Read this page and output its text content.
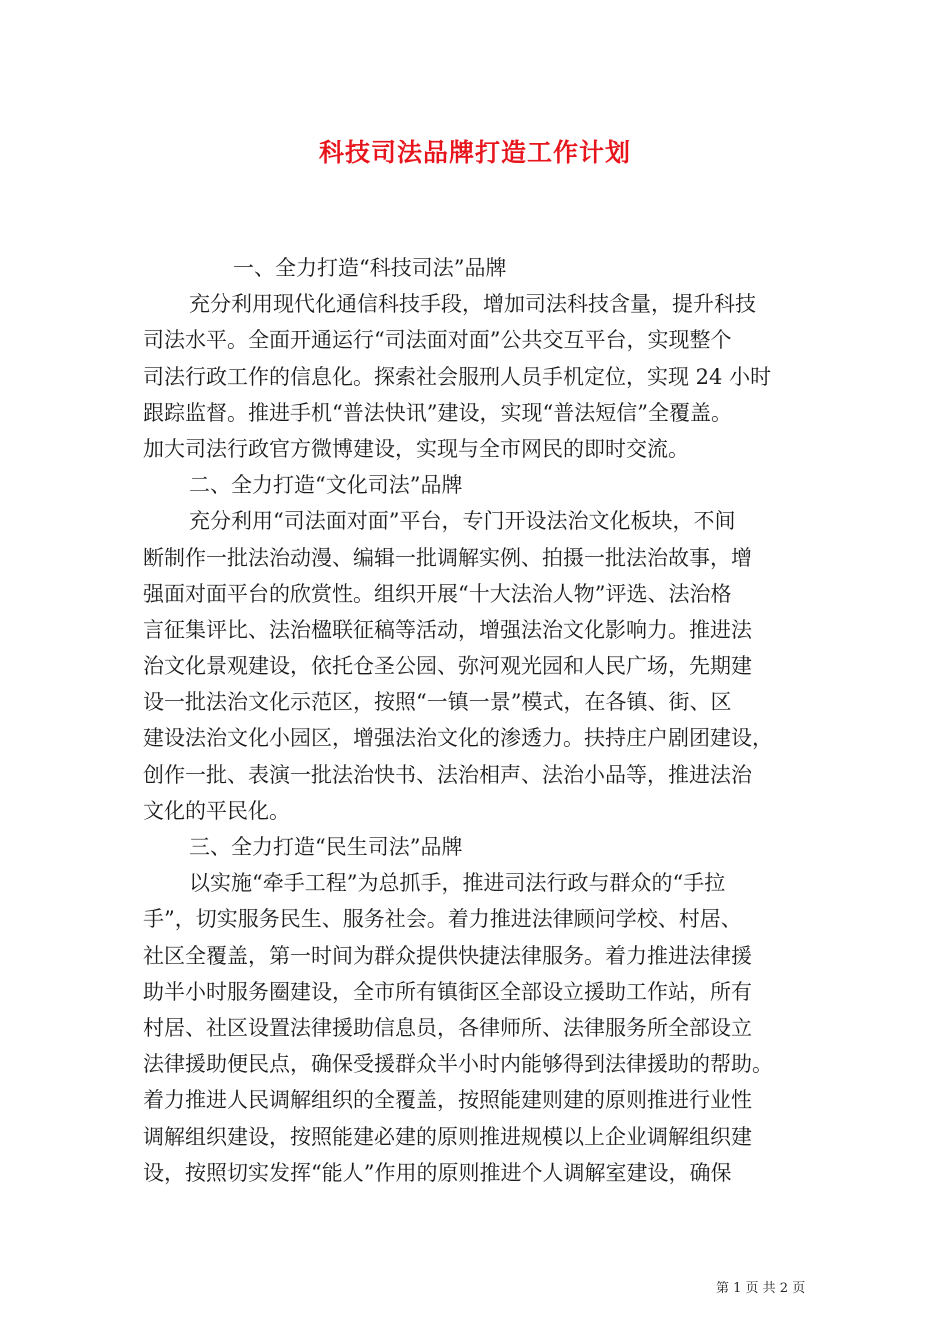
科技司法品牌打造工作计划
一、全力打造“科技司法”品牌
充分利用现代化通信科技手段，增加司法科技含量，提升科技
司法水平。全面开通运行“司法面对面”公共交互平台，实现整个
司法行政工作的信息化。探索社会服刑人员手机定位，实现 24 小时
跟踪监督。推进手机“普法快讯”建设，实现“普法短信”全覆盖。
加大司法行政官方微博建设，实现与全市网民的即时交流。
二、全力打造“文化司法”品牌
充分利用“司法面对面”平台，专门开设法治文化板块，不间
断制作一批法治动漫、编辑一批调解实例、拍摄一批法治故事，增
强面对面平台的欣赏性。组织开展“十大法治人物”评选、法治格
言征集评比、法治楹联征稿等活动，增强法治文化影响力。推进法
治文化景观建设，依托仓圣公园、弥河观光园和人民广场，先期建
设一批法治文化示范区，按照“一镇一景”模式，在各镇、街、区
建设法治文化小园区，增强法治文化的渗透力。扶持庄户剧团建设，
创作一批、表演一批法治快书、法治相声、法治小品等，推进法治
文化的平民化。
三、全力打造“民生司法”品牌
以实施“牵手工程”为总抓手，推进司法行政与群众的“手拉
手”，切实服务民生、服务社会。着力推进法律顾问学校、村居、
社区全覆盖，第一时间为群众提供快捷法律服务。着力推进法律援
助半小时服务圈建设，全市所有镇街区全部设立援助工作站，所有
村居、社区设置法律援助信息员，各律师所、法律服务所全部设立
法律援助便民点，确保受援群众半小时内能够得到法律援助的帮助。
着力推进人民调解组织的全覆盖，按照能建则建的原则推进行业性
调解组织建设，按照能建必建的原则推进规模以上企业调解组织建
设，按照切实发挥“能人”作用的原则推进个人调解室建设，确保
第 1 页 共 2 页
